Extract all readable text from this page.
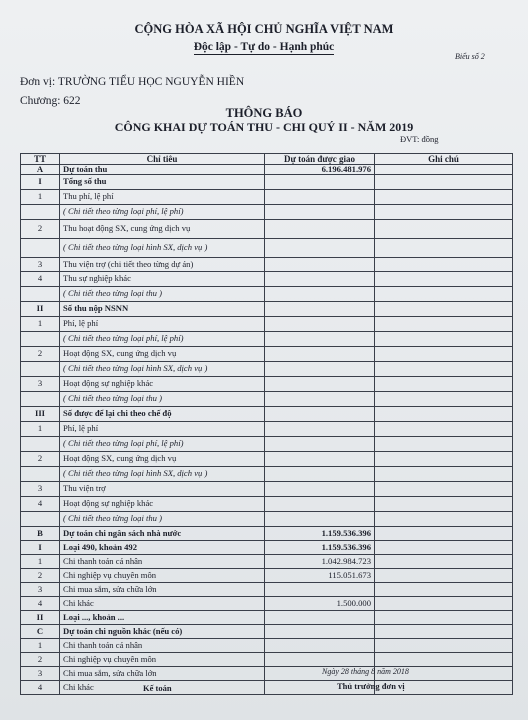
CỘNG HÒA XÃ HỘI CHỦ NGHĨA VIỆT NAM
Độc lập - Tự do - Hạnh phúc
Biểu số 2
Đơn vị: TRƯỜNG TIỂU HỌC NGUYỄN HIỀN
Chương: 622
THÔNG BÁO
CÔNG KHAI DỰ TOÁN THU - CHI QUÝ II - NĂM 2019
ĐVT: đồng
TT	Chỉ tiêu	Dự toán được giao	Ghi chú
A	Dự toán thu	6.196.481.976	
I	Tổng số thu		
1	Thu phí, lệ phí		
	( Chi tiết theo từng loại phí, lệ phí)		
2	Thu hoạt động SX, cung ứng dịch vụ		
	( Chi tiết theo từng loại hình SX, dịch vụ )		
3	Thu viện trợ (chi tiết theo từng dự án)		
4	Thu sự nghiệp khác		
	( Chi tiết theo từng loại thu )		
II	Số thu nộp NSNN		
1	Phí, lệ phí		
	( Chi tiết theo từng loại phí, lệ phí)		
2	Hoạt động SX, cung ứng dịch vụ		
	( Chi tiết theo từng loại hình SX, dịch vụ )		
3	Hoạt động sự nghiệp khác		
	( Chi tiết theo từng loại thu )		
III	Số được để lại chi theo chế độ		
1	Phí, lệ phí		
	( Chi tiết theo từng loại phí, lệ phí)		
2	Hoạt động SX, cung ứng dịch vụ		
	( Chi tiết theo từng loại hình SX, dịch vụ )		
3	Thu viện trợ		
4	Hoạt động sự nghiệp khác		
	( Chi tiết theo từng loại thu )		
B	Dự toán chi ngân sách nhà nước	1.159.536.396	
I	Loại 490, khoản 492	1.159.536.396	
1	Chi thanh toán cá nhân	1.042.984.723	
2	Chi nghiệp vụ chuyên môn	115.051.673	
3	Chi mua sắm, sửa chữa lớn		
4	Chi khác	1.500.000	
II	Loại ..., khoản ...		
C	Dự toán chi nguồn khác (nếu có)		
1	Chi thanh toán cá nhân		
2	Chi nghiệp vụ chuyên môn		
3	Chi mua sắm, sửa chữa lớn		
4	Chi khác		
Ngày 28 tháng 8 năm 2018
Kế toán	Thủ trưởng đơn vị
